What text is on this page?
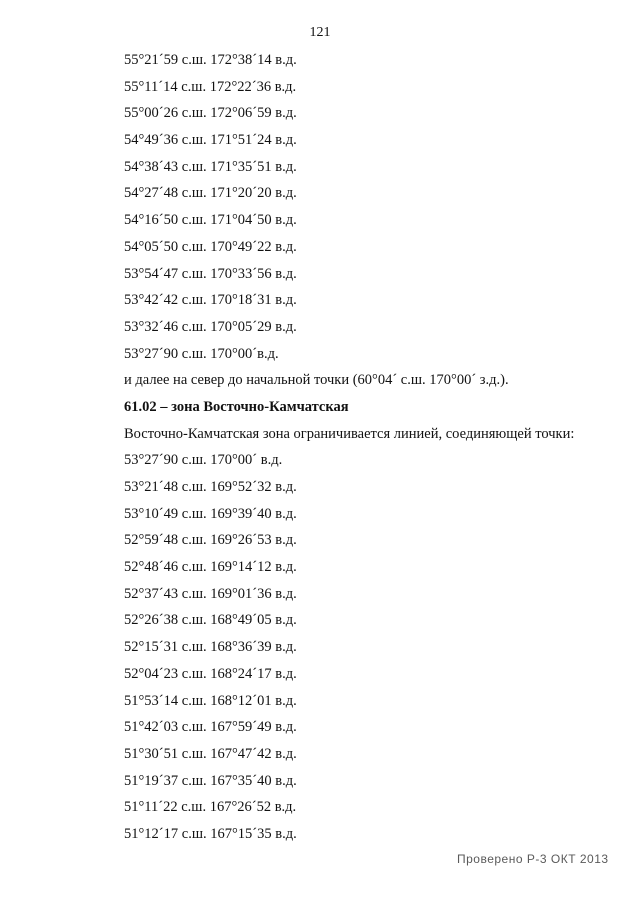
121
55°21´59 с.ш. 172°38´14 в.д.
55°11´14 с.ш. 172°22´36 в.д.
55°00´26 с.ш. 172°06´59 в.д.
54°49´36 с.ш. 171°51´24 в.д.
54°38´43 с.ш. 171°35´51 в.д.
54°27´48 с.ш. 171°20´20 в.д.
54°16´50 с.ш. 171°04´50 в.д.
54°05´50 с.ш. 170°49´22 в.д.
53°54´47 с.ш. 170°33´56 в.д.
53°42´42 с.ш. 170°18´31 в.д.
53°32´46 с.ш. 170°05´29 в.д.
53°27´90 с.ш. 170°00´в.д.
и далее на север до начальной точки (60°04´ с.ш. 170°00´ з.д.).
61.02 – зона Восточно-Камчатская
Восточно-Камчатская зона ограничивается линией, соединяющей точки:
53°27´90 с.ш. 170°00´ в.д.
53°21´48 с.ш. 169°52´32 в.д.
53°10´49 с.ш. 169°39´40 в.д.
52°59´48 с.ш. 169°26´53 в.д.
52°48´46 с.ш. 169°14´12 в.д.
52°37´43 с.ш. 169°01´36 в.д.
52°26´38 с.ш. 168°49´05 в.д.
52°15´31 с.ш. 168°36´39 в.д.
52°04´23 с.ш. 168°24´17 в.д.
51°53´14 с.ш. 168°12´01 в.д.
51°42´03 с.ш. 167°59´49 в.д.
51°30´51 с.ш. 167°47´42 в.д.
51°19´37 с.ш. 167°35´40 в.д.
51°11´22 с.ш. 167°26´52 в.д.
51°12´17 с.ш. 167°15´35 в.д.
Проверено Р-3 ОКТ 2013
